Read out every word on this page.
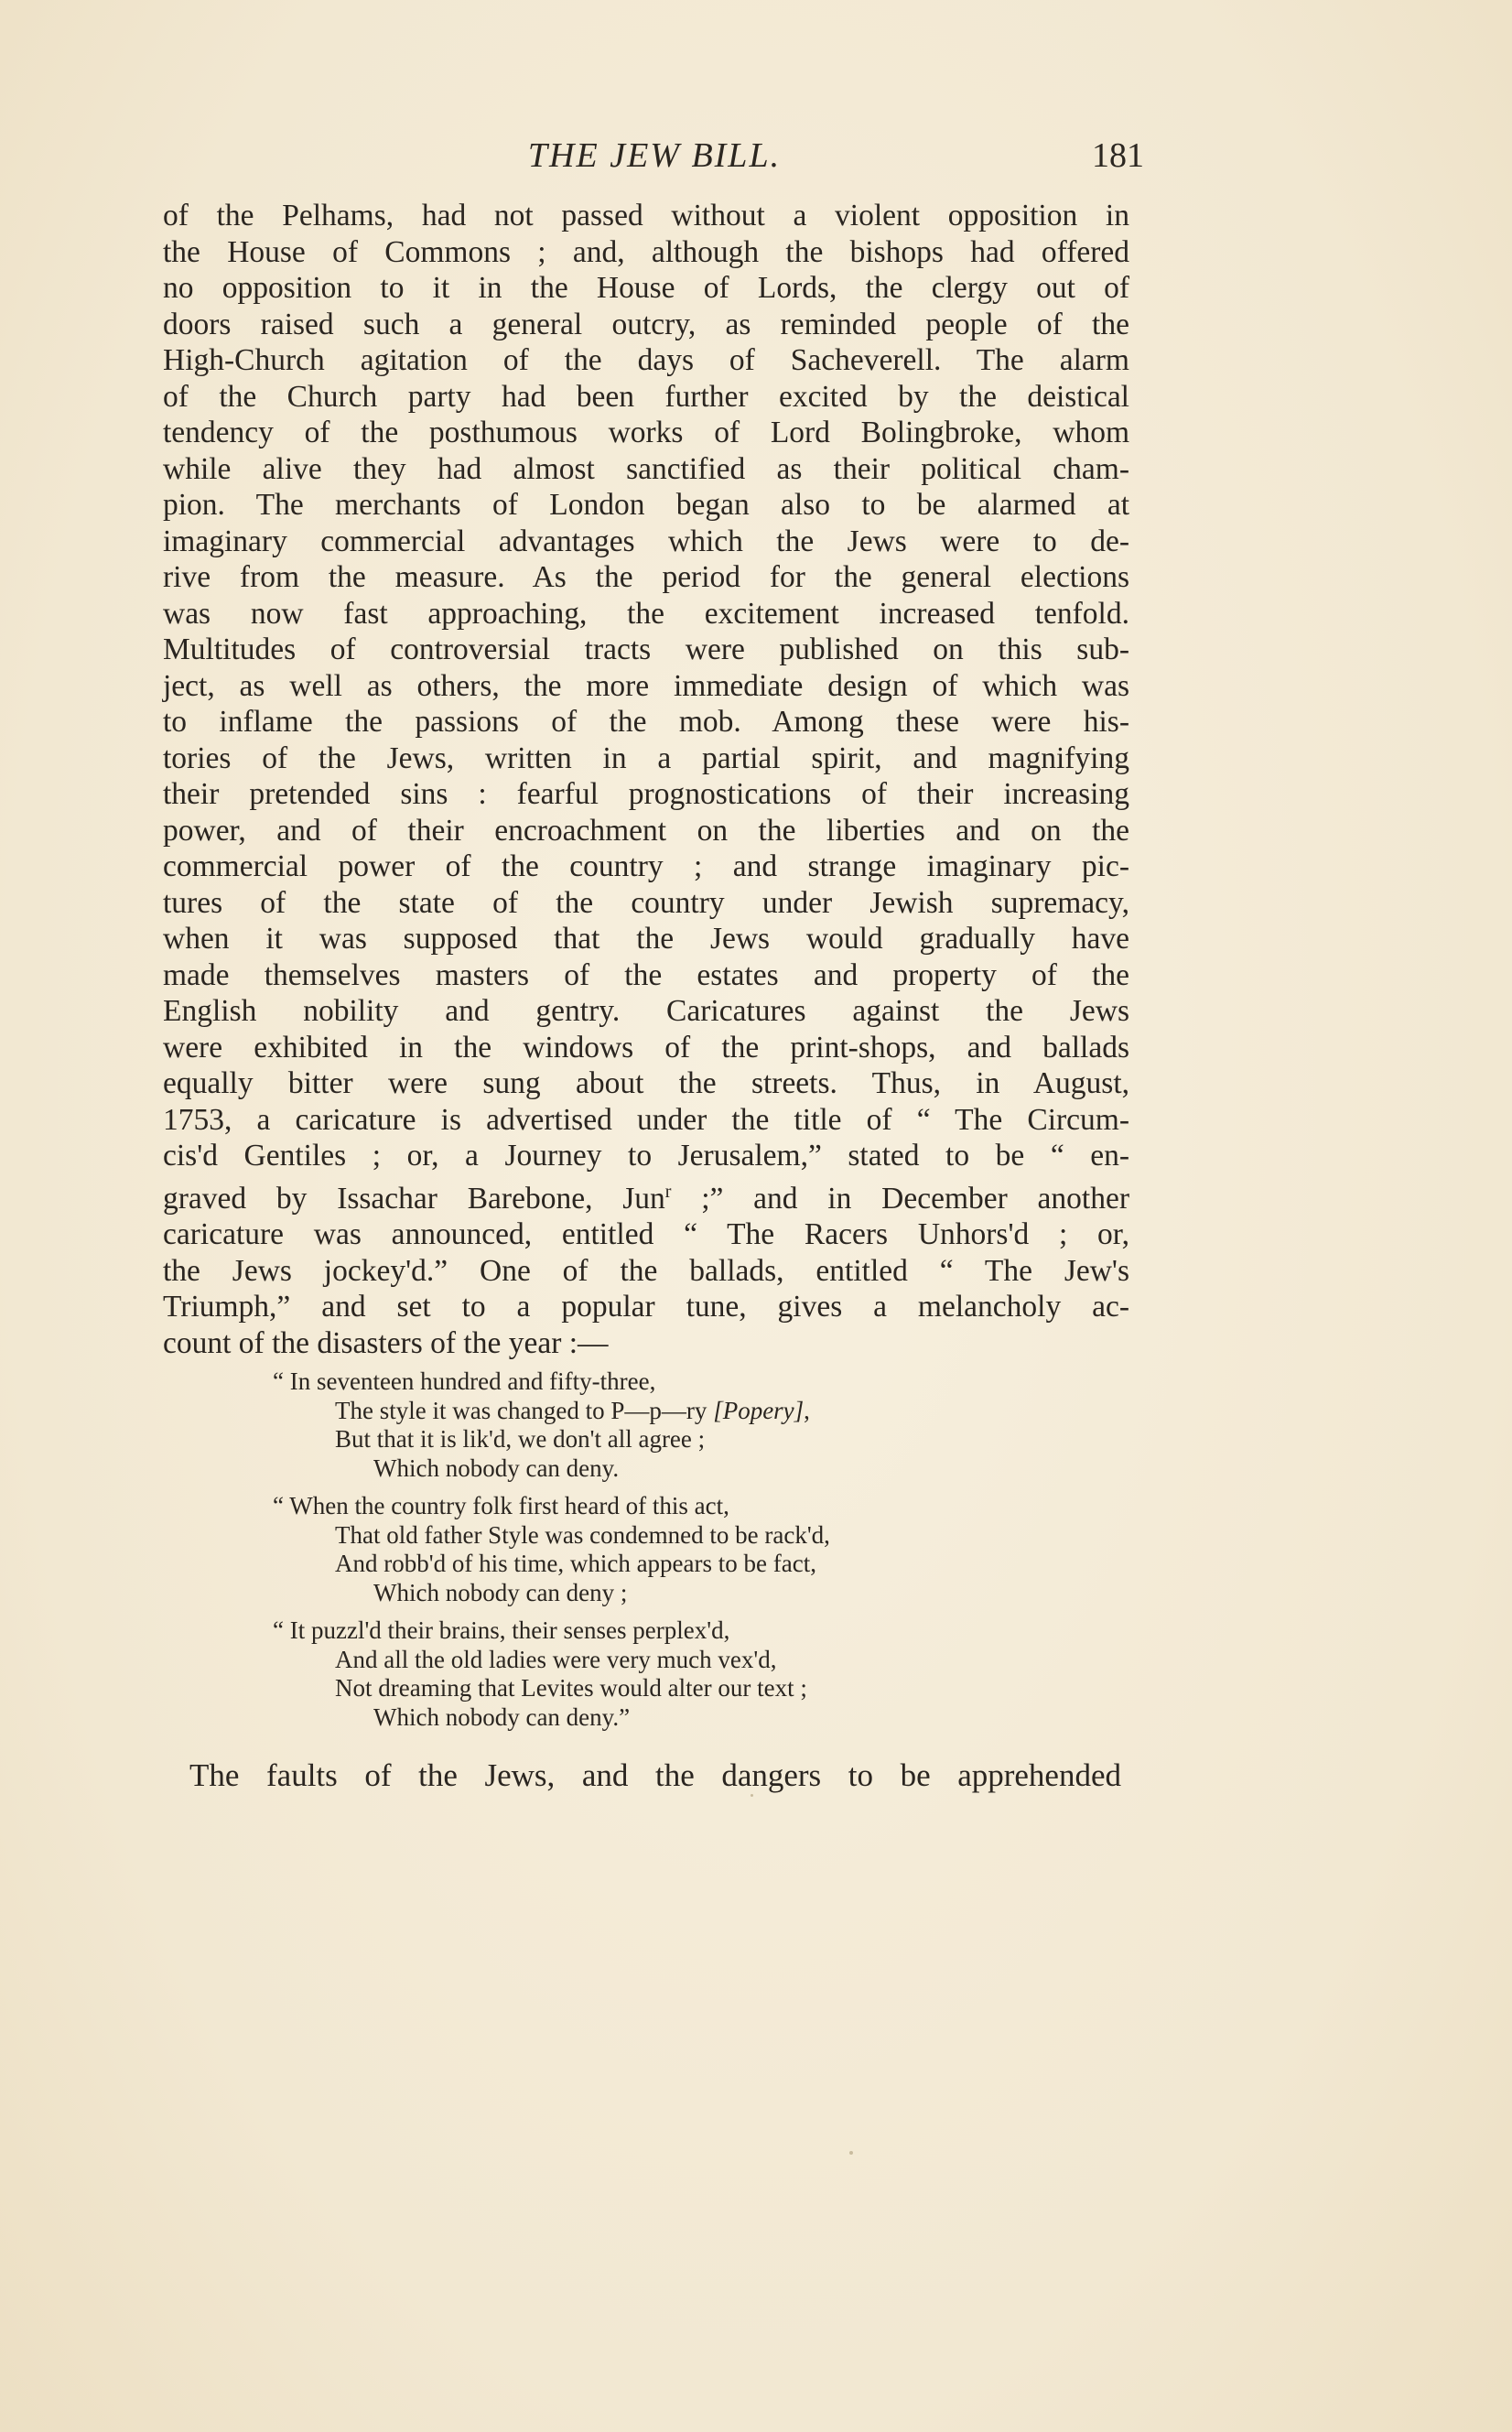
THE JEW BILL.	181
of the Pelhams, had not passed without a violent opposition in
the House of Commons ; and, although the bishops had offered
no opposition to it in the House of Lords, the clergy out of
doors raised such a general outcry, as reminded people of the
High-Church agitation of the days of Sacheverell. The alarm
of the Church party had been further excited by the deistical
tendency of the posthumous works of Lord Bolingbroke, whom
while alive they had almost sanctified as their political cham-
pion. The merchants of London began also to be alarmed at
imaginary commercial advantages which the Jews were to de-
rive from the measure. As the period for the general elections
was now fast approaching, the excitement increased tenfold.
Multitudes of controversial tracts were published on this sub-
ject, as well as others, the more immediate design of which was
to inflame the passions of the mob. Among these were his-
tories of the Jews, written in a partial spirit, and magnifying
their pretended sins : fearful prognostications of their increasing
power, and of their encroachment on the liberties and on the
commercial power of the country ; and strange imaginary pic-
tures of the state of the country under Jewish supremacy,
when it was supposed that the Jews would gradually have
made themselves masters of the estates and property of the
English nobility and gentry. Caricatures against the Jews
were exhibited in the windows of the print-shops, and ballads
equally bitter were sung about the streets. Thus, in August,
1753, a caricature is advertised under the title of “ The Circum-
cis'd Gentiles ; or, a Journey to Jerusalem,” stated to be “ en-
graved by Issachar Barebone, Jun$^r$ ;” and in December another
caricature was announced, entitled “ The Racers Unhors'd ; or,
the Jews jockey'd.” One of the ballads, entitled “ The Jew's
Triumph,” and set to a popular tune, gives a melancholy ac-
count of the disasters of the year :—
“ In seventeen hundred and fifty-three,
The style it was changed to P—p—ry [Popery],
But that it is lik'd, we don't all agree ;
Which nobody can deny.
“ When the country folk first heard of this act,
That old father Style was condemned to be rack'd,
And robb'd of his time, which appears to be fact,
Which nobody can deny ;
“ It puzzl'd their brains, their senses perplex'd,
And all the old ladies were very much vex'd,
Not dreaming that Levites would alter our text ;
Which nobody can deny.”
The faults of the Jews, and the dangers to be apprehended
